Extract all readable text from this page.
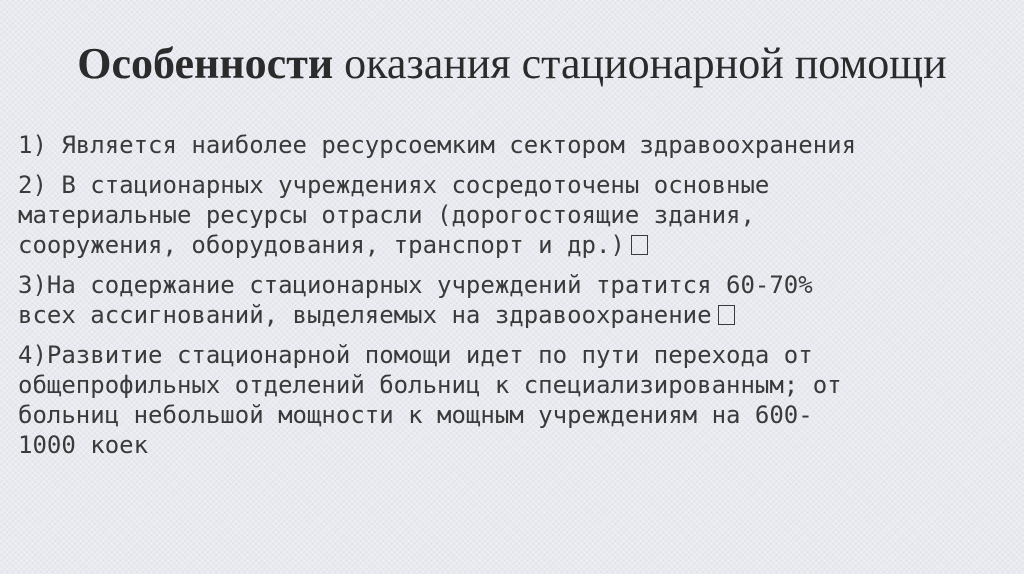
Особенности оказания стационарной помощи
1) Является наиболее ресурсоемким сектором здравоохранения
2) В стационарных учреждениях сосредоточены основные
материальные ресурсы отрасли (дорогостоящие здания,
сооружения, оборудования, транспорт и др.)
3)На содержание стационарных учреждений тратится 60-70%
всех ассигнований, выделяемых на здравоохранение
4)Развитие стационарной помощи идет по пути перехода от
общепрофильных отделений больниц к специализированным; от
больниц небольшой мощности к мощным учреждениям на 600-
1000 коек
